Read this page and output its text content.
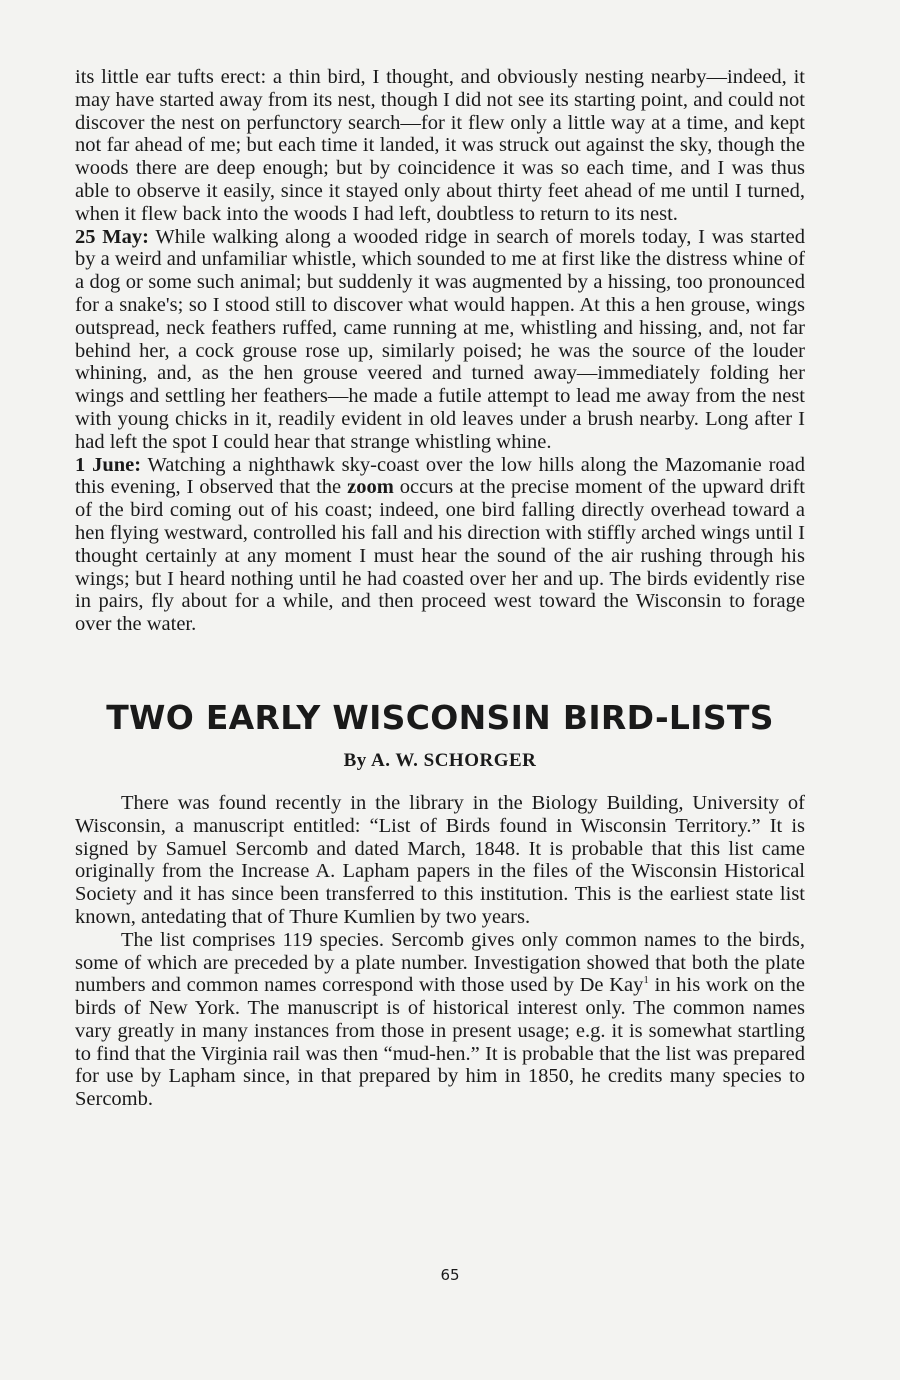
its little ear tufts erect: a thin bird, I thought, and obviously nesting nearby—indeed, it may have started away from its nest, though I did not see its starting point, and could not discover the nest on perfunctory search—for it flew only a little way at a time, and kept not far ahead of me; but each time it landed, it was struck out against the sky, though the woods there are deep enough; but by coincidence it was so each time, and I was thus able to observe it easily, since it stayed only about thirty feet ahead of me until I turned, when it flew back into the woods I had left, doubtless to return to its nest.

25 May: While walking along a wooded ridge in search of morels today, I was started by a weird and unfamiliar whistle, which sounded to me at first like the distress whine of a dog or some such animal; but suddenly it was augmented by a hissing, too pronounced for a snake's; so I stood still to discover what would happen. At this a hen grouse, wings outspread, neck feathers ruffed, came running at me, whistling and hissing, and, not far behind her, a cock grouse rose up, similarly poised; he was the source of the louder whining, and, as the hen grouse veered and turned away—immediately folding her wings and settling her feathers—he made a futile attempt to lead me away from the nest with young chicks in it, readily evident in old leaves under a brush nearby. Long after I had left the spot I could hear that strange whistling whine.

1 June: Watching a nighthawk sky-coast over the low hills along the Mazomanie road this evening, I observed that the zoom occurs at the precise moment of the upward drift of the bird coming out of his coast; indeed, one bird falling directly overhead toward a hen flying westward, controlled his fall and his direction with stiffly arched wings until I thought certainly at any moment I must hear the sound of the air rushing through his wings; but I heard nothing until he had coasted over her and up. The birds evidently rise in pairs, fly about for a while, and then proceed west toward the Wisconsin to forage over the water.

TWO EARLY WISCONSIN BIRD-LISTS
By A. W. SCHORGER

There was found recently in the library in the Biology Building, University of Wisconsin, a manuscript entitled: “List of Birds found in Wisconsin Territory.” It is signed by Samuel Sercomb and dated March, 1848. It is probable that this list came originally from the Increase A. Lapham papers in the files of the Wisconsin Historical Society and it has since been transferred to this institution. This is the earliest state list known, antedating that of Thure Kumlien by two years.

The list comprises 119 species. Sercomb gives only common names to the birds, some of which are preceded by a plate number. Investigation showed that both the plate numbers and common names correspond with those used by De Kay$^1$ in his work on the birds of New York. The manuscript is of historical interest only. The common names vary greatly in many instances from those in present usage; e.g. it is somewhat startling to find that the Virginia rail was then “mud-hen.” It is probable that the list was prepared for use by Lapham since, in that prepared by him in 1850, he credits many species to Sercomb.

65
